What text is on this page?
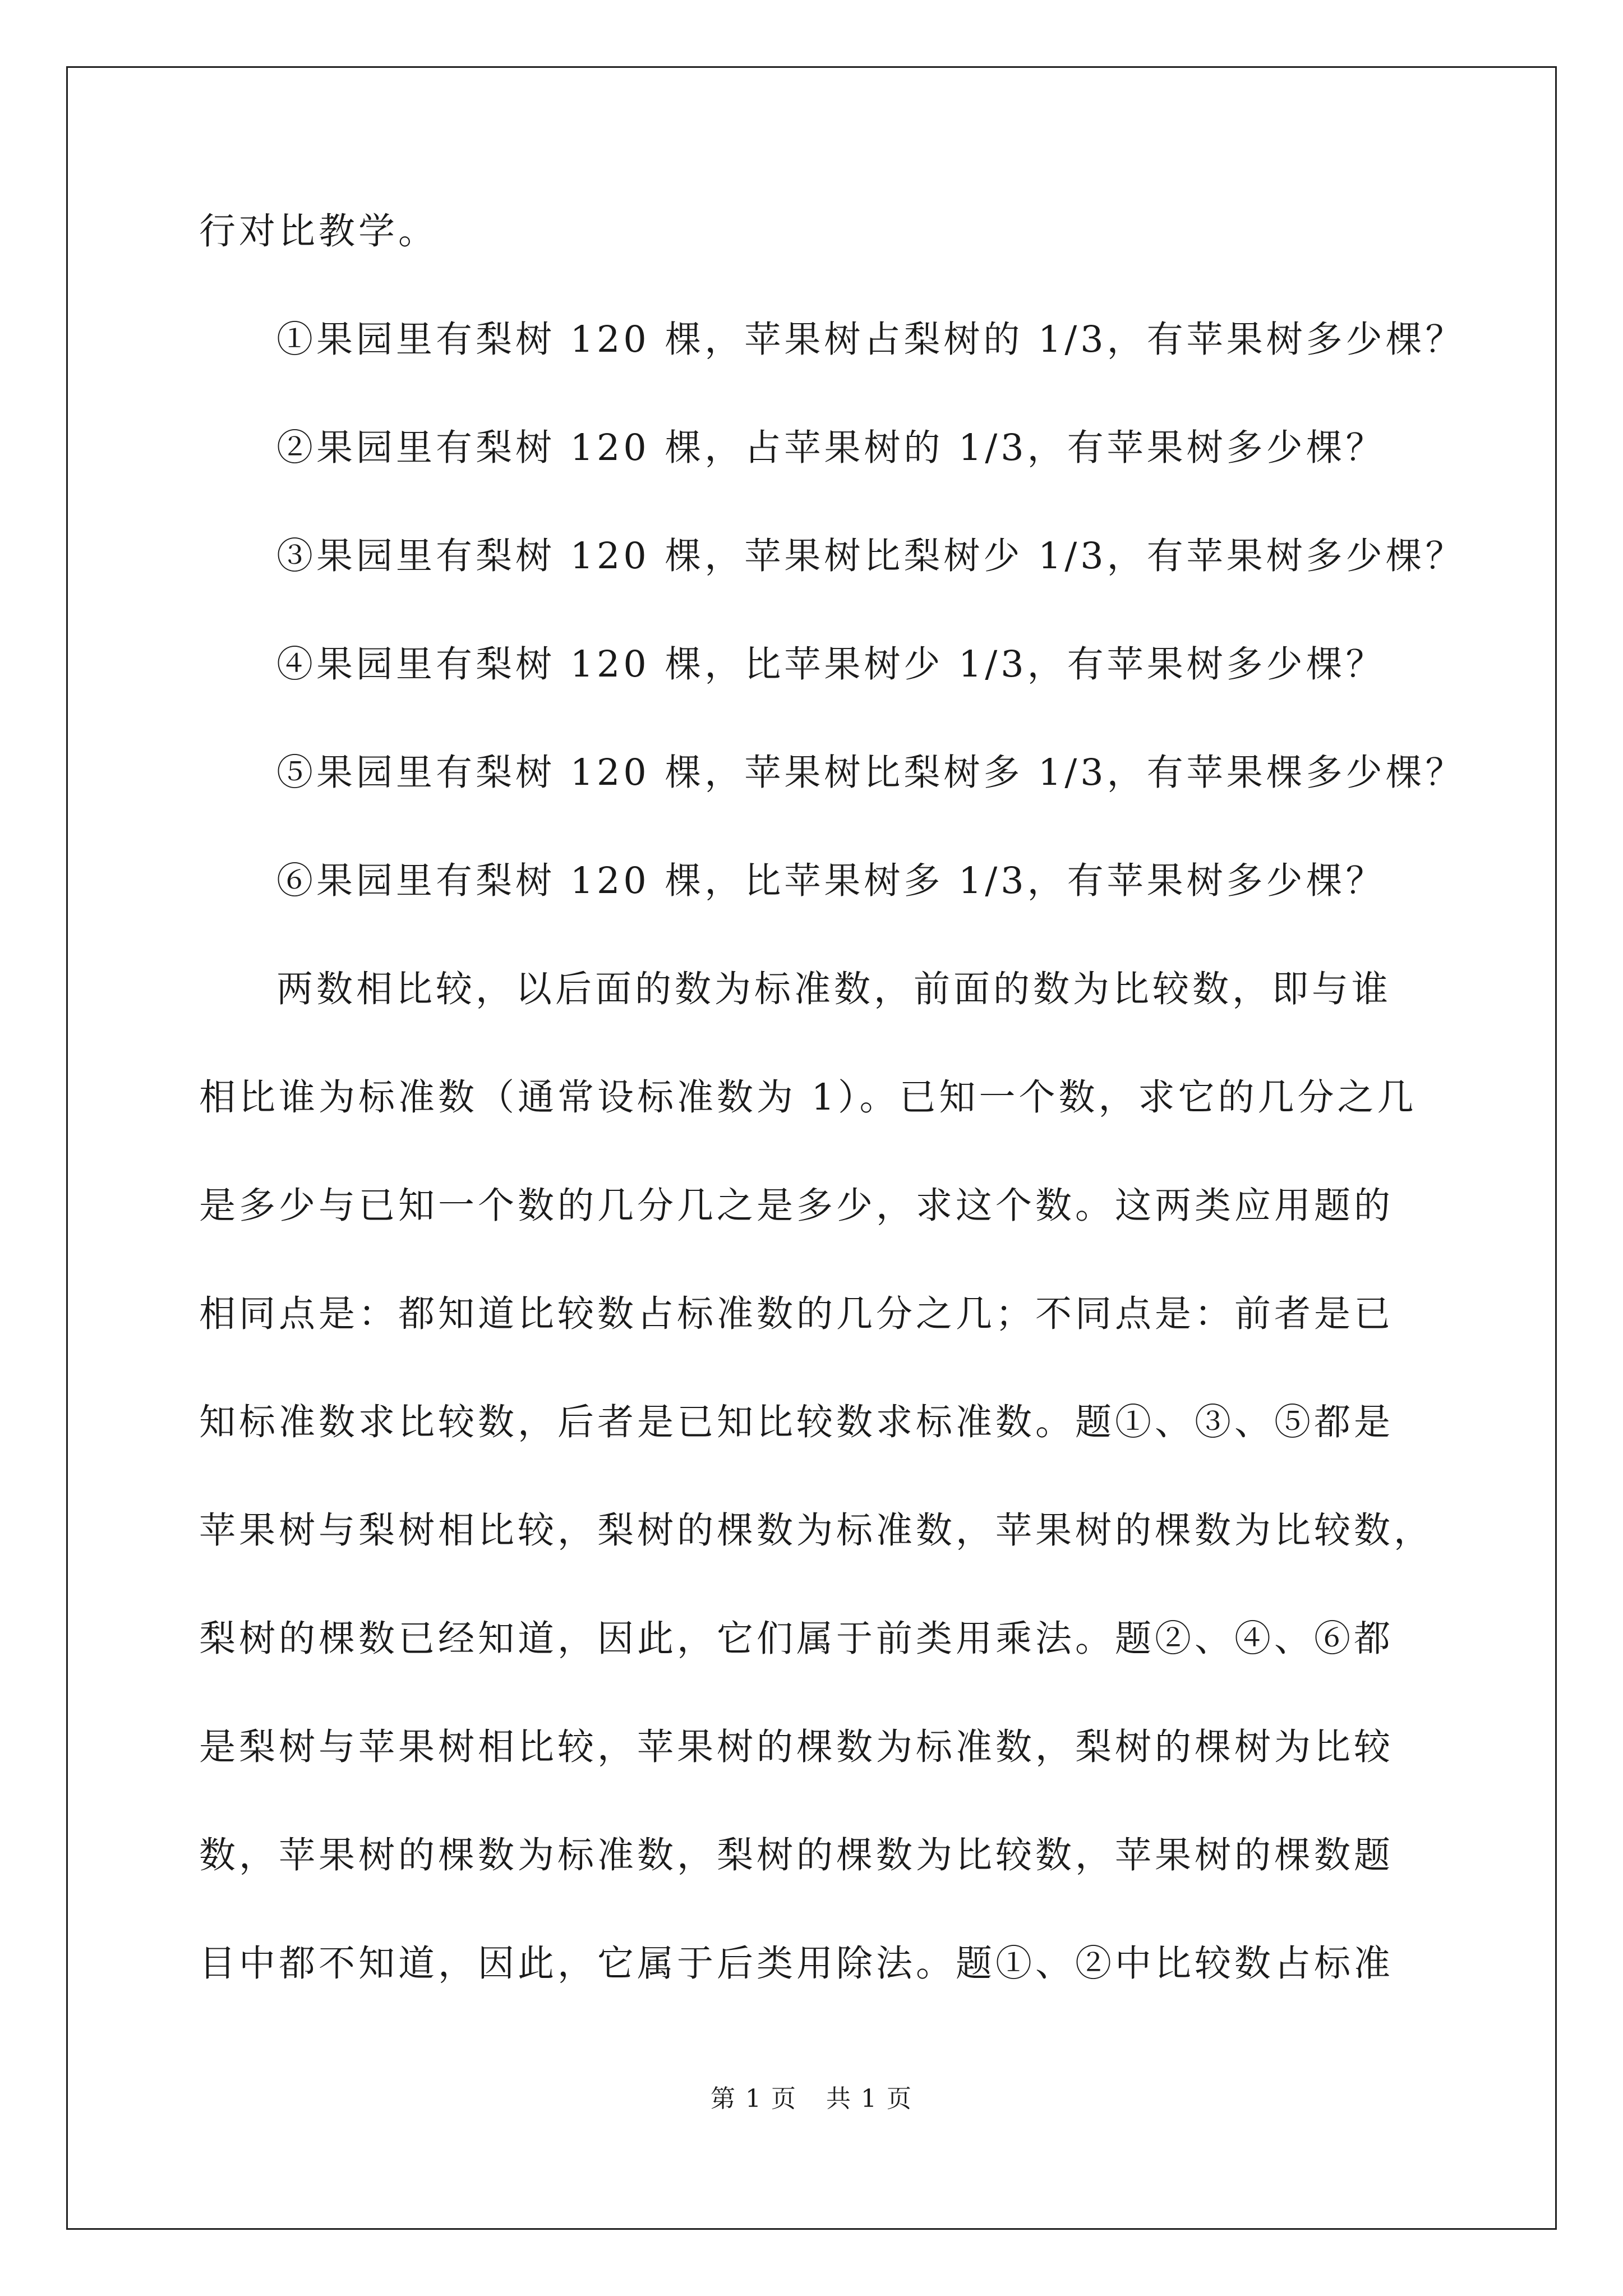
行对比教学。
①果园里有梨树 120 棵，苹果树占梨树的 1/3，有苹果树多少棵？
②果园里有梨树 120 棵，占苹果树的 1/3，有苹果树多少棵？
③果园里有梨树 120 棵，苹果树比梨树少 1/3，有苹果树多少棵？
④果园里有梨树 120 棵，比苹果树少 1/3，有苹果树多少棵？
⑤果园里有梨树 120 棵，苹果树比梨树多 1/3，有苹果棵多少棵？
⑥果园里有梨树 120 棵，比苹果树多 1/3，有苹果树多少棵？
两数相比较，以后面的数为标准数，前面的数为比较数，即与谁
相比谁为标准数（通常设标准数为 1）。已知一个数，求它的几分之几
是多少与已知一个数的几分几之是多少，求这个数。这两类应用题的
相同点是：都知道比较数占标准数的几分之几；不同点是：前者是已
知标准数求比较数，后者是已知比较数求标准数。题①、③、⑤都是
苹果树与梨树相比较，梨树的棵数为标准数，苹果树的棵数为比较数，
梨树的棵数已经知道，因此，它们属于前类用乘法。题②、④、⑥都
是梨树与苹果树相比较，苹果树的棵数为标准数，梨树的棵树为比较
数，苹果树的棵数为标准数，梨树的棵数为比较数，苹果树的棵数题
目中都不知道，因此，它属于后类用除法。题①、②中比较数占标准
第 1 页 共 1 页
